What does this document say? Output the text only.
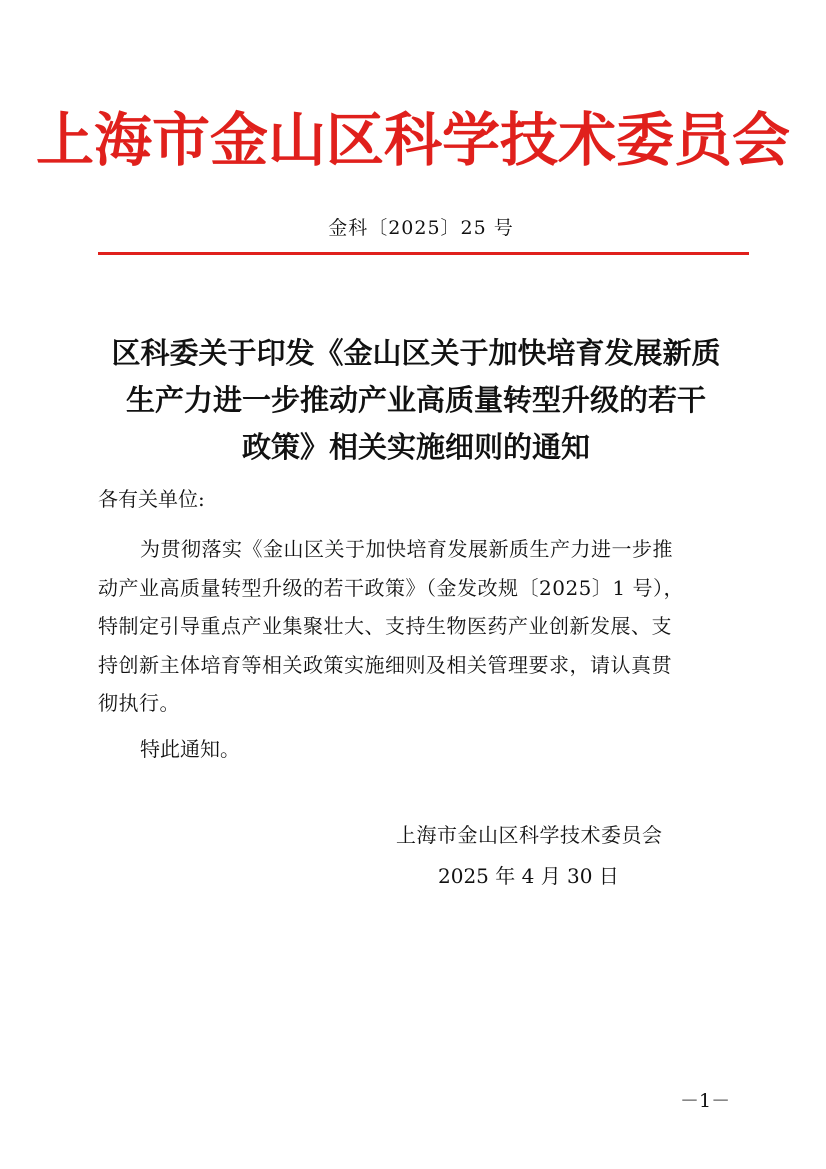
上海市金山区科学技术委员会
金科〔2025〕25 号
区科委关于印发《金山区关于加快培育发展新质
生产力进一步推动产业高质量转型升级的若干
政策》相关实施细则的通知
各有关单位:
为贯彻落实《金山区关于加快培育发展新质生产力进一步推
动产业高质量转型升级的若干政策》（金发改规〔2025〕1 号），
特制定引导重点产业集聚壮大、支持生物医药产业创新发展、支
持创新主体培育等相关政策实施细则及相关管理要求，请认真贯
彻执行。
特此通知。
上海市金山区科学技术委员会
2025 年 4 月 30 日
－1－
